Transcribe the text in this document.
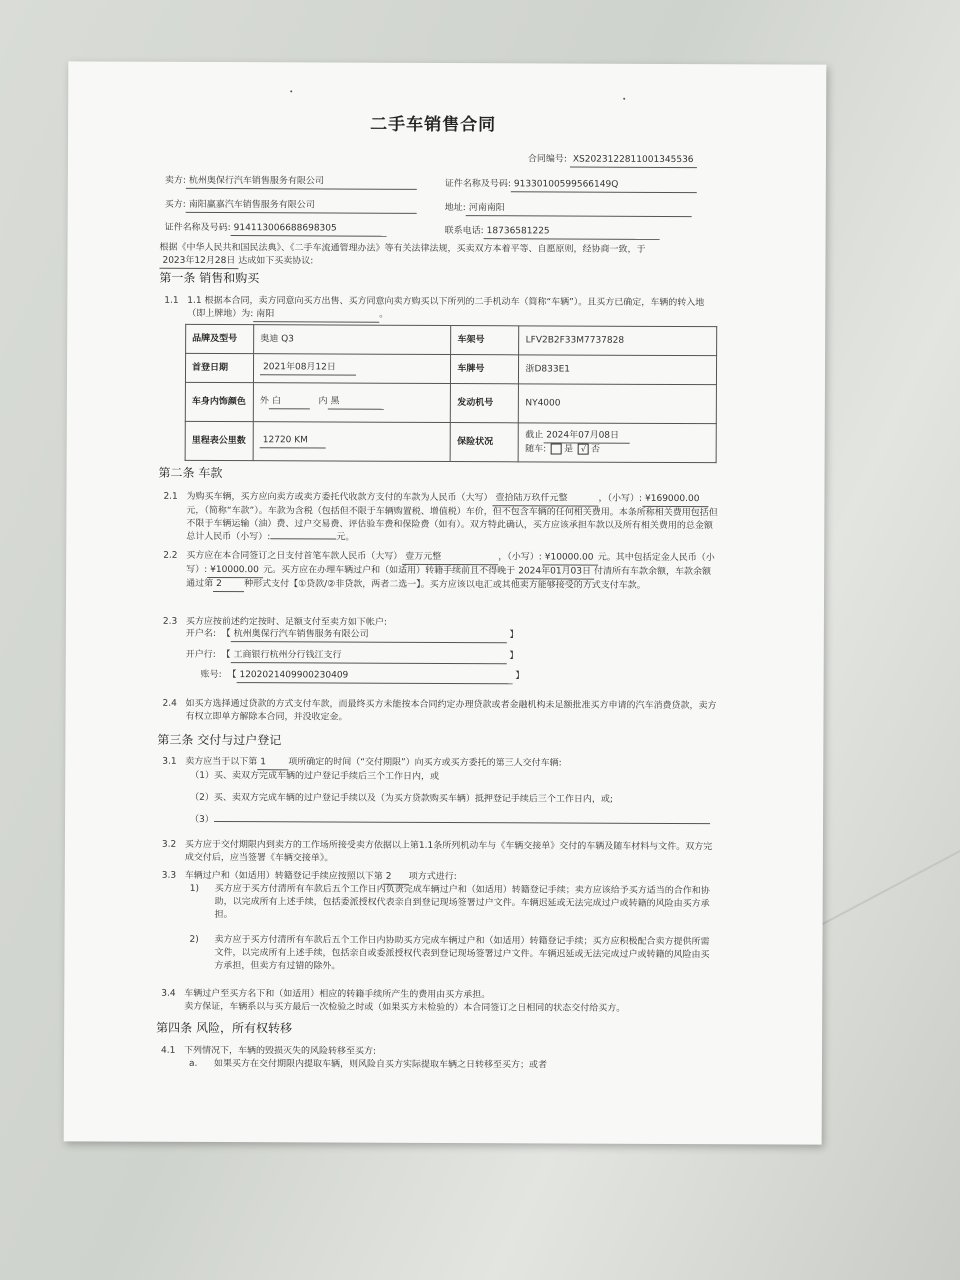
二手车销售合同
合同编号: XS2023122811001345536
卖方: 杭州奥保行汽车销售服务有限公司	证件名称及号码: 91330100599566149Q
买方: 南阳赢嘉汽车销售服务有限公司	地址: 河南南阳
证件名称及号码: 914113006688698305	联系电话: 18736581225
根据《中华人民共和国民法典》、《二手车流通管理办法》等有关法律法规，买卖双方本着平等、自愿原则，经协商一致，于2023年12月28日 达成如下买卖协议:
第一条 销售和购买
1.1 1.1 根据本合同，卖方同意向买方出售、买方同意向卖方购买以下所列的二手机动车（简称“车辆”）。且买方已确定，车辆的转入地（即上牌地）为: 南阳	。
品牌及型号	奥迪 Q3	车架号	LFV2B2F33M7737828
首登日期	2021年08月12日	车牌号	浙D833E1
车身内饰颜色	外 白 内 黑	发动机号	NY4000
里程表公里数	12720 KM	保险状况	截止 2024年07月08日
随车: 是 √ 否
第二条 车款
2.1 为购买车辆，买方应向卖方或卖方委托代收款方支付的车款为人民币（大写） 壹拾陆万玖仟元整	，（小写）: ¥169000.00元，（简称“车款”）。车款为含税（包括但不限于车辆购置税、增值税）车价，但不包含车辆的任何相关费用。本条所称相关费用包括但不限于车辆运输（油）费、过户交易费、评估验车费和保险费（如有）。双方特此确认，买方应该承担车款以及所有相关费用的总金额总计人民币（小写）:	元。
2.2 买方应在本合同签订之日支付首笔车款人民币（大写） 壹万元整	，（小写）: ¥10000.00 元。其中包括定金人民币（小写）: ¥10000.00 元。买方应在办理车辆过户和（如适用）转籍手续前且不得晚于 2024年01月03日 付清所有车款余额，车款余额通过第 2 种形式支付【①贷款/②非贷款，两者二选一】。买方应该以电汇或其他卖方能够接受的方式支付车款。
2.3 买方应按前述约定按时、足额支付至卖方如下帐户:
开户名: 【 杭州奥保行汽车销售服务有限公司	】
开户行: 【 工商银行杭州分行钱江支行	】
账号: 【 1202021409900230409	】
2.4 如买方选择通过贷款的方式支付车款，而最终买方未能按本合同约定办理贷款或者金融机构未足额批准买方申请的汽车消费贷款，卖方有权立即单方解除本合同，并没收定金。
第三条 交付与过户登记
3.1 卖方应当于以下第 1 项所确定的时间（“交付期限”）向买方或买方委托的第三人交付车辆:
（1）买、卖双方完成车辆的过户登记手续后三个工作日内，或
（2）买、卖双方完成车辆的过户登记手续以及（为买方贷款购买车辆）抵押登记手续后三个工作日内，或;
（3）
3.2 买方应于交付期限内到卖方的工作场所接受卖方依据以上第1.1条所列机动车与《车辆交接单》交付的车辆及随车材料与文件。双方完成交付后，应当签署《车辆交接单》。
3.3 车辆过户和（如适用）转籍登记手续应按照以下第 2 项方式进行:
1) 买方应于买方付清所有车款后五个工作日内负责完成车辆过户和（如适用）转籍登记手续；卖方应该给予买方适当的合作和协助，以完成所有上述手续，包括委派授权代表亲自到登记现场签署过户文件。车辆迟延或无法完成过户或转籍的风险由买方承担。
2) 卖方应于买方付清所有车款后五个工作日内协助买方完成车辆过户和（如适用）转籍登记手续；买方应积极配合卖方提供所需文件，以完成所有上述手续，包括亲自或委派授权代表到登记现场签署过户文件。车辆迟延或无法完成过户或转籍的风险由买方承担，但卖方有过错的除外。
3.4 车辆过户至买方名下和（如适用）相应的转籍手续所产生的费用由买方承担。
卖方保证，车辆系以与买方最后一次检验之时或（如果买方未检验的）本合同签订之日相同的状态交付给买方。
第四条 风险，所有权转移
4.1 下列情况下，车辆的毁损灭失的风险转移至买方:
a. 如果买方在交付期限内提取车辆，则风险自买方实际提取车辆之日转移至买方；或者
